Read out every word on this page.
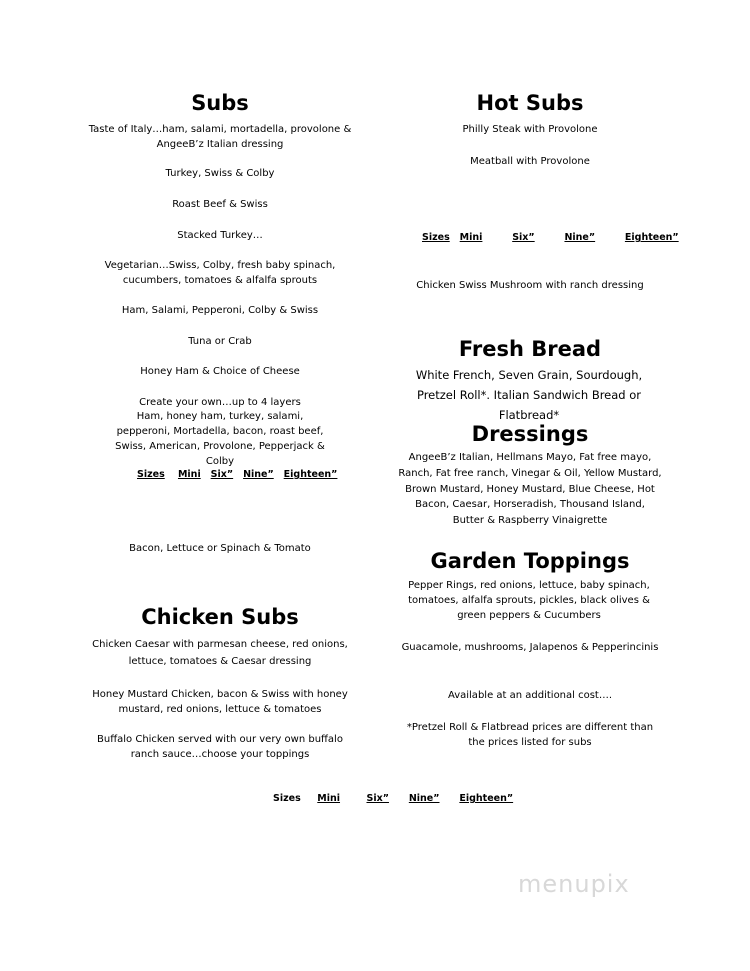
Subs

Taste of Italy…ham, salami, mortadella, provolone & AngeeB’z Italian dressing

Turkey, Swiss & Colby

Roast Beef & Swiss

Stacked Turkey…

Vegetarian…Swiss, Colby, fresh baby spinach, cucumbers, tomatoes & alfalfa sprouts

Ham, Salami, Pepperoni, Colby & Swiss

Tuna or Crab

Honey Ham & Choice of Cheese

Create your own…up to 4 layers

Ham, honey ham, turkey, salami, pepperoni, Mortadella, bacon, roast beef, Swiss, American, Provolone, Pepperjack & Colby

Sizes Mini Six” Nine” Eighteen”

Bacon, Lettuce or Spinach & Tomato

Chicken Subs

Chicken Caesar with parmesan cheese, red onions, lettuce, tomatoes & Caesar dressing

Honey Mustard Chicken, bacon & Swiss with honey mustard, red onions, lettuce & tomatoes

Buffalo Chicken served with our very own buffalo ranch sauce…choose your toppings

Sizes Mini	Six” Nine” Eighteen”
Hot Subs

Philly Steak with Provolone

Meatball with Provolone

Sizes Mini	Six”	Nine”	Eighteen”

Chicken Swiss Mushroom with ranch dressing

Fresh Bread

White French, Seven Grain, Sourdough, Pretzel Roll*. Italian Sandwich Bread or Flatbread*

Dressings

AngeeB’z Italian, Hellmans Mayo, Fat free mayo, Ranch, Fat free ranch, Vinegar & Oil, Yellow Mustard, Brown Mustard, Honey Mustard, Blue Cheese, Hot Bacon, Caesar, Horseradish, Thousand Island, Butter & Raspberry Vinaigrette

Garden Toppings

Pepper Rings, red onions, lettuce, baby spinach, tomatoes, alfalfa sprouts, pickles, black olives & green peppers & Cucumbers

Guacamole, mushrooms, Jalapenos & Pepperincinis

Available at an additional cost….

*Pretzel Roll & Flatbread prices are different than the prices listed for subs

menupix
